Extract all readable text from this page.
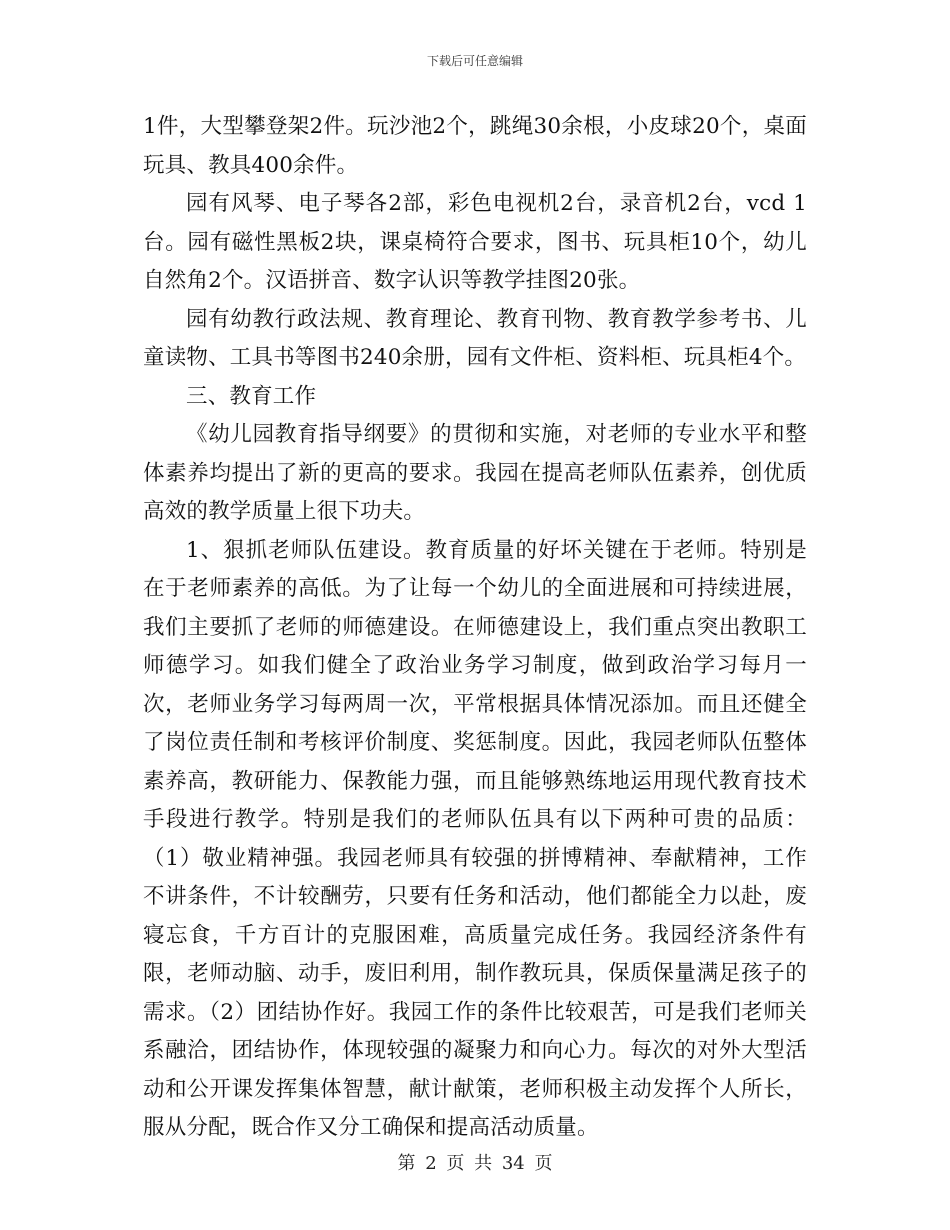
下载后可任意编辑

1件，大型攀登架2件。玩沙池2个，跳绳30余根，小皮球20个，桌面玩具、教具400余件。

园有风琴、电子琴各2部，彩色电视机2台，录音机2台，vcd 1台。园有磁性黑板2块，课桌椅符合要求，图书、玩具柜10个，幼儿自然角2个。汉语拼音、数字认识等教学挂图20张。

园有幼教行政法规、教育理论、教育刊物、教育教学参考书、儿童读物、工具书等图书240余册，园有文件柜、资料柜、玩具柜4个。

三、教育工作

《幼儿园教育指导纲要》的贯彻和实施，对老师的专业水平和整体素养均提出了新的更高的要求。我园在提高老师队伍素养，创优质高效的教学质量上很下功夫。

1、狠抓老师队伍建设。教育质量的好坏关键在于老师。特别是在于老师素养的高低。为了让每一个幼儿的全面进展和可持续进展，我们主要抓了老师的师德建设。在师德建设上，我们重点突出教职工师德学习。如我们健全了政治业务学习制度，做到政治学习每月一次，老师业务学习每两周一次，平常根据具体情况添加。而且还健全了岗位责任制和考核评价制度、奖惩制度。因此，我园老师队伍整体素养高，教研能力、保教能力强，而且能够熟练地运用现代教育技术手段进行教学。特别是我们的老师队伍具有以下两种可贵的品质：（1）敬业精神强。我园老师具有较强的拼博精神、奉献精神，工作不讲条件，不计较酬劳，只要有任务和活动，他们都能全力以赴，废寝忘食，千方百计的克服困难，高质量完成任务。我园经济条件有限，老师动脑、动手，废旧利用，制作教玩具，保质保量满足孩子的需求。（2）团结协作好。我园工作的条件比较艰苦，可是我们老师关系融洽，团结协作，体现较强的凝聚力和向心力。每次的对外大型活动和公开课发挥集体智慧，献计献策，老师积极主动发挥个人所长，服从分配，既合作又分工确保和提高活动质量。

第 2 页 共 34 页
